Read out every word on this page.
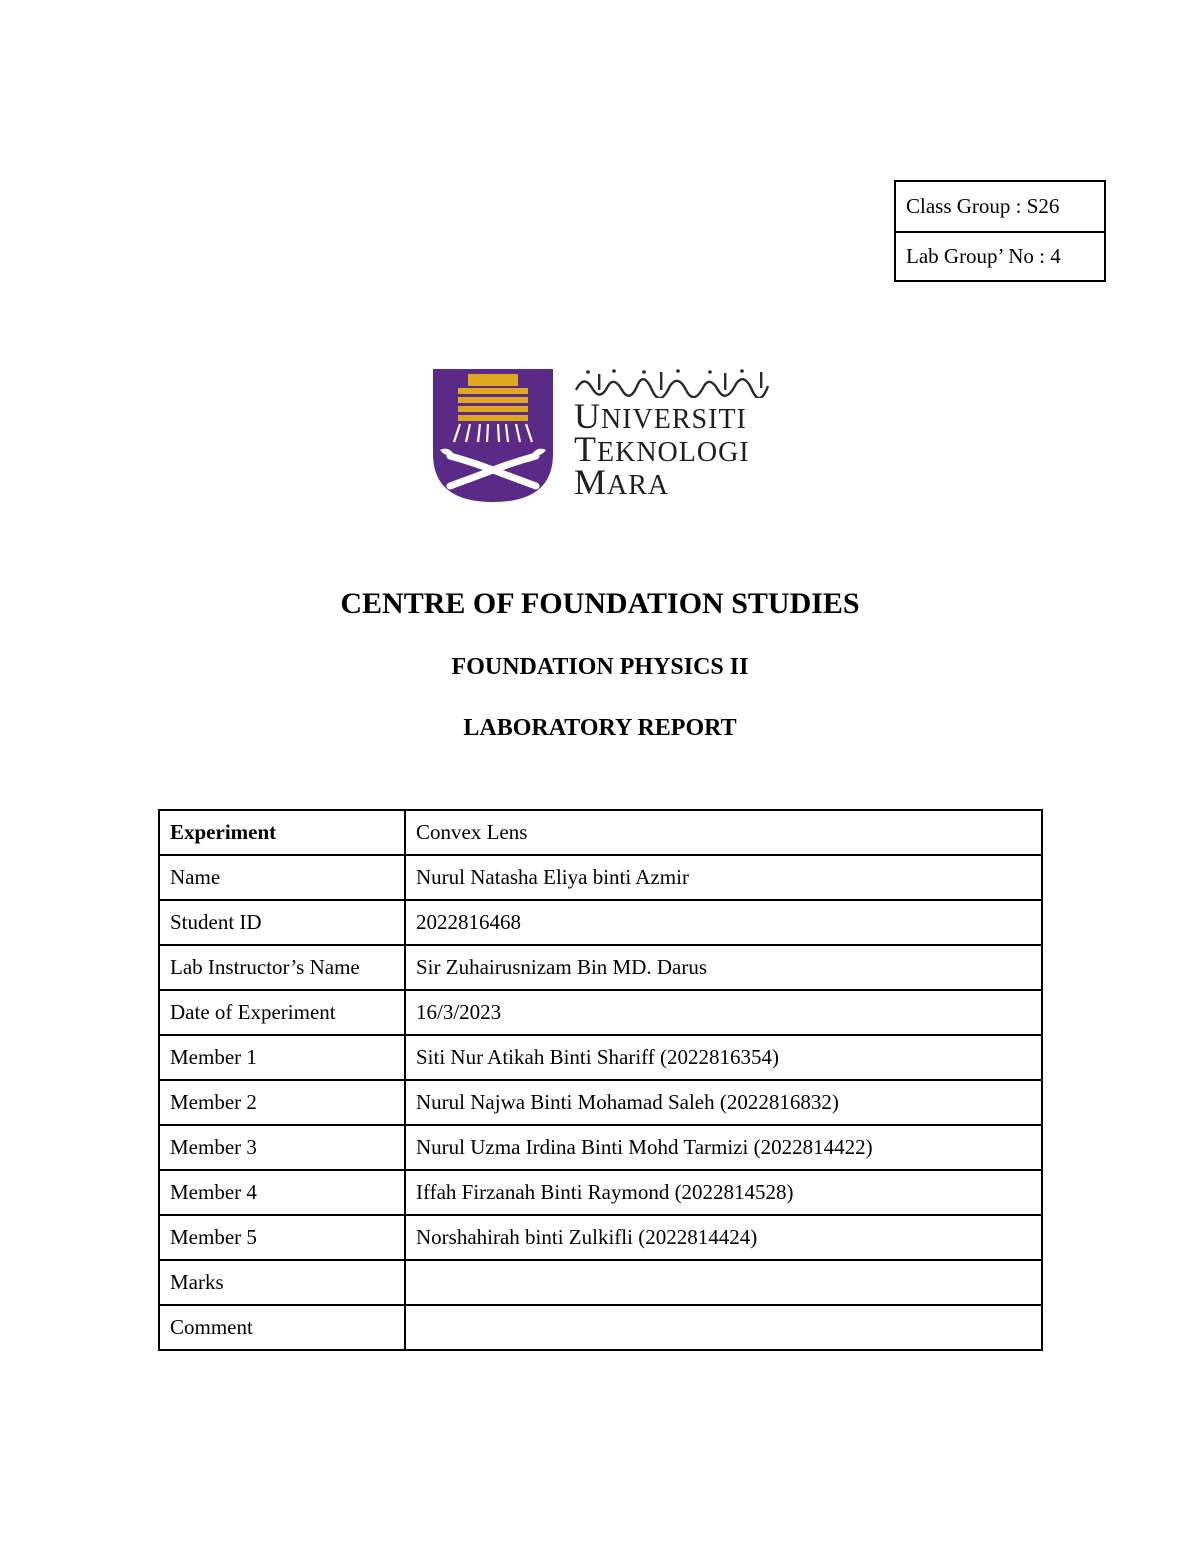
Class Group : S26
Lab Group’ No : 4
UNIVERSITI
TEKNOLOGI
MARA
CENTRE OF FOUNDATION STUDIES
FOUNDATION PHYSICS II
LABORATORY REPORT
Experiment	Convex Lens
Name	Nurul Natasha Eliya binti Azmir
Student ID	2022816468
Lab Instructor’s Name	Sir Zuhairusnizam Bin MD. Darus
Date of Experiment	16/3/2023
Member 1	Siti Nur Atikah Binti Shariff (2022816354)
Member 2	Nurul Najwa Binti Mohamad Saleh (2022816832)
Member 3	Nurul Uzma Irdina Binti Mohd Tarmizi (2022814422)
Member 4	Iffah Firzanah Binti Raymond (2022814528)
Member 5	Norshahirah binti Zulkifli (2022814424)
Marks	
Comment	
